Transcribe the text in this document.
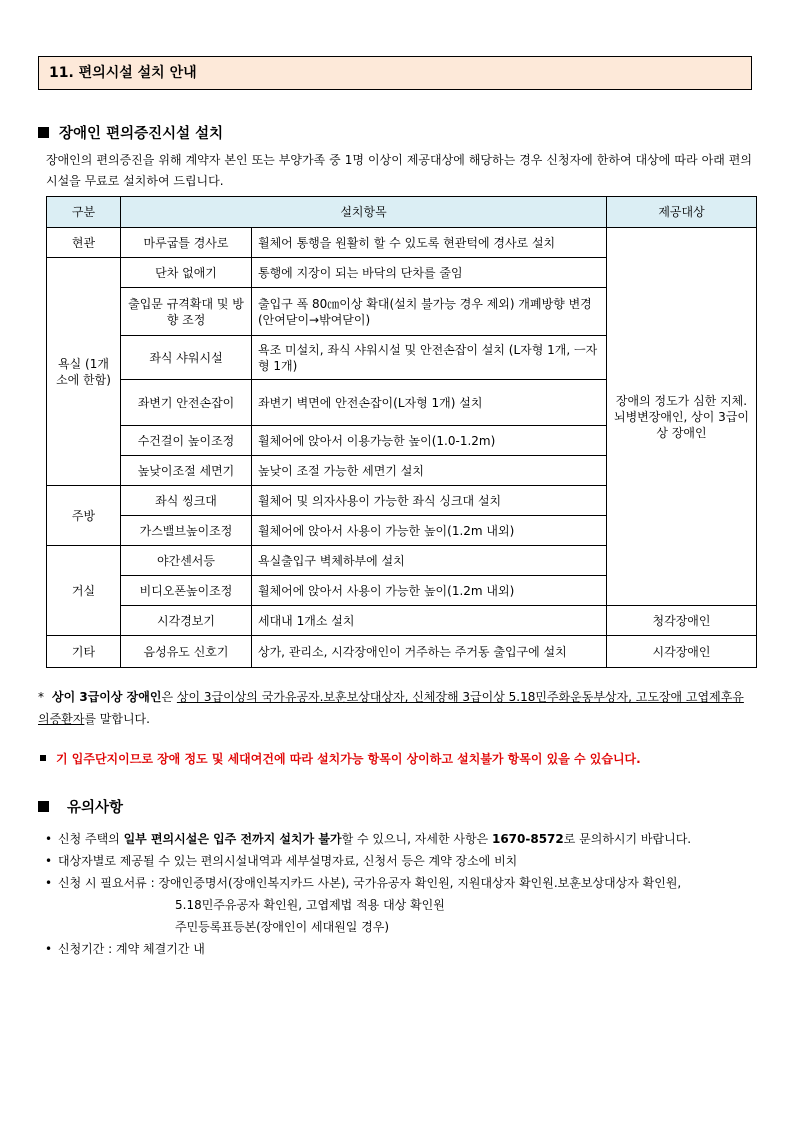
11. 편의시설 설치 안내
장애인 편의증진시설 설치
장애인의 편의증진을 위해 계약자 본인 또는 부양가족 중 1명 이상이 제공대상에 해당하는 경우 신청자에 한하여 대상에 따라 아래 편의시설을 무료로 설치하여 드립니다.
구분	설치항목		제공대상
현관	마루굽틀 경사로	휠체어 통행을 원활히 할 수 있도록 현관턱에 경사로 설치	장애의 정도가 심한 지체.뇌병변장애인, 상이 3급이상 장애인
욕실 (1개소에 한함)	단차 없애기	통행에 지장이 되는 바닥의 단차를 줄임	
	출입문 규격확대 및 방향 조정	출입구 폭 80㎝이상 확대(설치 불가능 경우 제외) 개폐방향 변경(안여닫이→밖여닫이)	
	좌식 샤워시설	욕조 미설치, 좌식 샤워시설 및 안전손잡이 설치 (L자형 1개, ㅡ자형 1개)	
	좌변기 안전손잡이	좌변기 벽면에 안전손잡이(L자형 1개) 설치	
	수건걸이 높이조정	휠체어에 앉아서 이용가능한 높이(1.0-1.2m)	
	높낮이조절 세면기	높낮이 조절 가능한 세면기 설치	
주방	좌식 씽크대	휠체어 및 의자사용이 가능한 좌식 싱크대 설치	
	가스밸브높이조정	휠체어에 앉아서 사용이 가능한 높이(1.2m 내외)	
거실	야간센서등	욕실출입구 벽체하부에 설치	
	비디오폰높이조정	휠체어에 앉아서 사용이 가능한 높이(1.2m 내외)	
	시각경보기	세대내 1개소 설치	청각장애인
기타	음성유도 신호기	상가, 관리소, 시각장애인이 거주하는 주거동 출입구에 설치	시각장애인
* 상이 3급이상 장애인은 상이 3급이상의 국가유공자.보훈보상대상자, 신체장해 3급이상 5.18민주화운동부상자, 고도장애 고엽제후유의증환자를 말합니다.
기 입주단지이므로 장애 정도 및 세대여건에 따라 설치가능 항목이 상이하고 설치불가 항목이 있을 수 있습니다.
유의사항
• 신청 주택의 일부 편의시설은 입주 전까지 설치가 불가할 수 있으니, 자세한 사항은 1670-8572로 문의하시기 바랍니다.
• 대상자별로 제공될 수 있는 편의시설내역과 세부설명자료, 신청서 등은 계약 장소에 비치
• 신청 시 필요서류 : 장애인증명서(장애인복지카드 사본), 국가유공자 확인원, 지원대상자 확인원.보훈보상대상자 확인원,
5.18민주유공자 확인원, 고엽제법 적용 대상 확인원
주민등록표등본(장애인이 세대원일 경우)
• 신청기간 : 계약 체결기간 내
